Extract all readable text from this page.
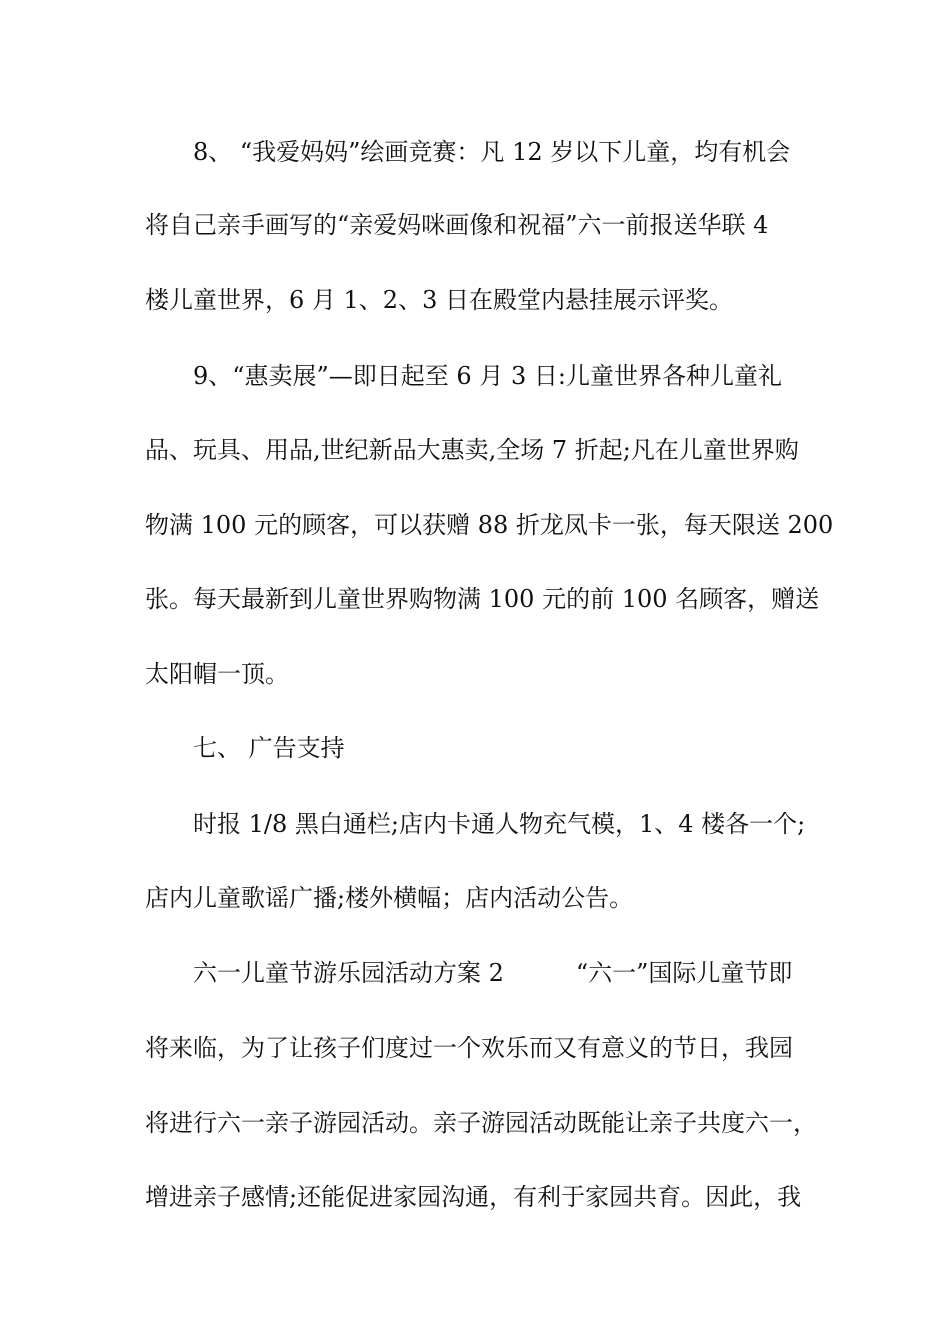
8、 “我爱妈妈”绘画竞赛：凡 12 岁以下儿童，均有机会
将自己亲手画写的“亲爱妈咪画像和祝福”六一前报送华联 4
楼儿童世界，6 月 1、2、3 日在殿堂内悬挂展示评奖。
9、“惠卖展”—即日起至 6 月 3 日:儿童世界各种儿童礼
品、玩具、用品,世纪新品大惠卖,全场 7 折起;凡在儿童世界购
物满 100 元的顾客，可以获赠 88 折龙凤卡一张，每天限送 200
张。每天最新到儿童世界购物满 100 元的前 100 名顾客，赠送
太阳帽一顶。
七、 广告支持
时报 1/8 黑白通栏;店内卡通人物充气模，1、4 楼各一个;
店内儿童歌谣广播;楼外横幅；店内活动公告。
六一儿童节游乐园活动方案 2　　　“六一”国际儿童节即
将来临，为了让孩子们度过一个欢乐而又有意义的节日，我园
将进行六一亲子游园活动。亲子游园活动既能让亲子共度六一，
增进亲子感情;还能促进家园沟通，有利于家园共育。因此，我
